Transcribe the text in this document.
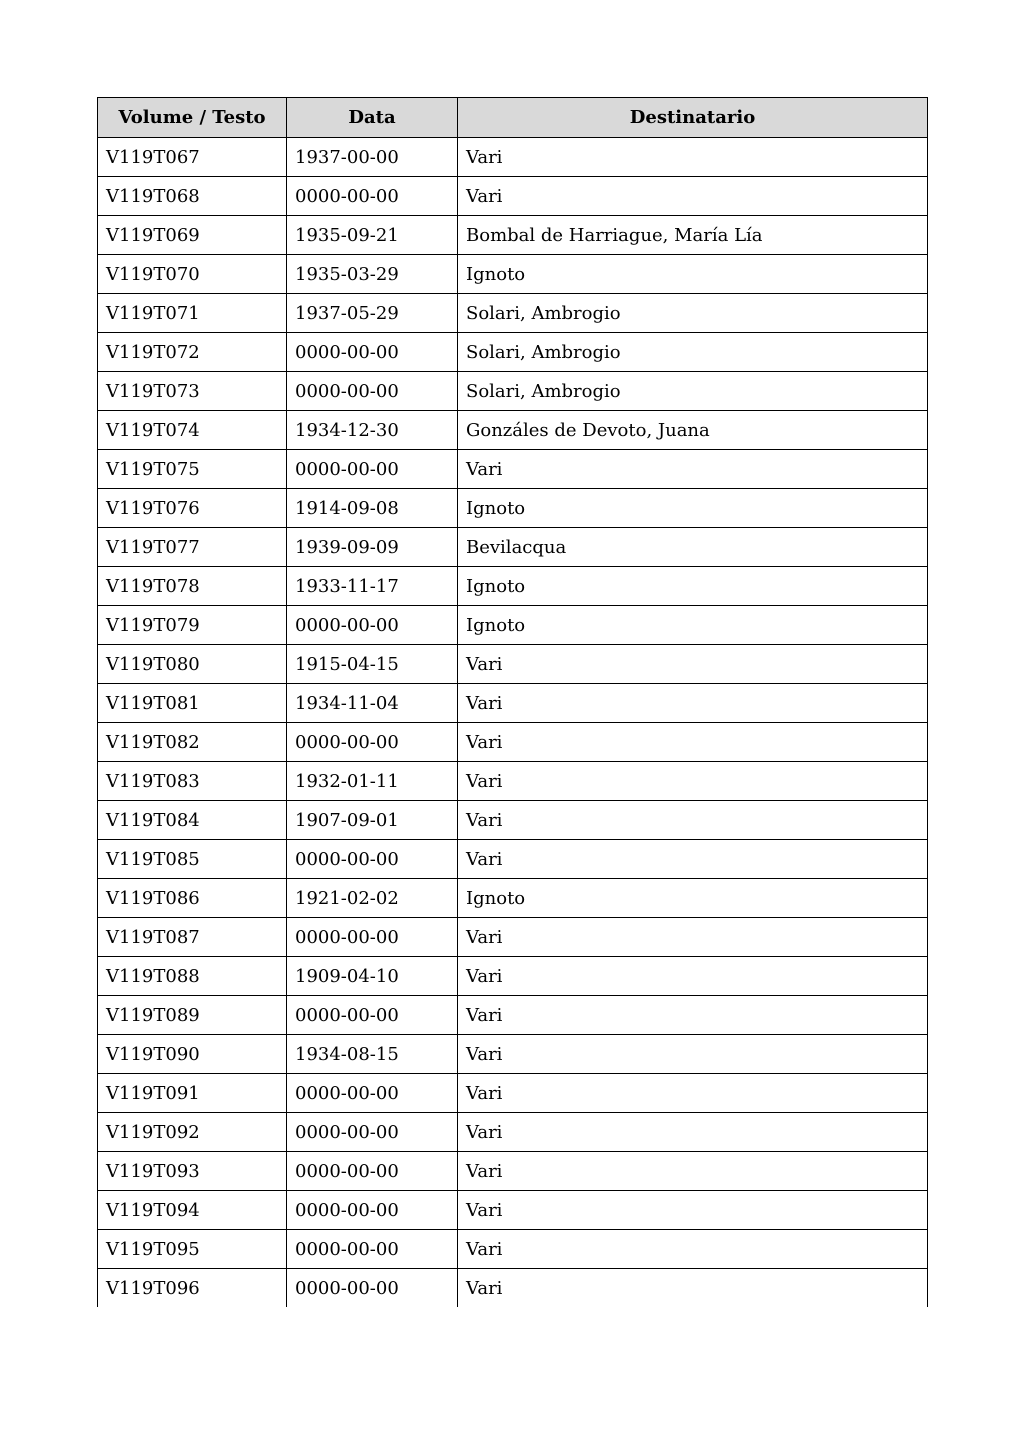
Volume / Testo	Data	Destinatario
V119T067	1937-00-00	Vari
V119T068	0000-00-00	Vari
V119T069	1935-09-21	Bombal de Harriague, María Lía
V119T070	1935-03-29	Ignoto
V119T071	1937-05-29	Solari, Ambrogio
V119T072	0000-00-00	Solari, Ambrogio
V119T073	0000-00-00	Solari, Ambrogio
V119T074	1934-12-30	Gonzáles de Devoto, Juana
V119T075	0000-00-00	Vari
V119T076	1914-09-08	Ignoto
V119T077	1939-09-09	Bevilacqua
V119T078	1933-11-17	Ignoto
V119T079	0000-00-00	Ignoto
V119T080	1915-04-15	Vari
V119T081	1934-11-04	Vari
V119T082	0000-00-00	Vari
V119T083	1932-01-11	Vari
V119T084	1907-09-01	Vari
V119T085	0000-00-00	Vari
V119T086	1921-02-02	Ignoto
V119T087	0000-00-00	Vari
V119T088	1909-04-10	Vari
V119T089	0000-00-00	Vari
V119T090	1934-08-15	Vari
V119T091	0000-00-00	Vari
V119T092	0000-00-00	Vari
V119T093	0000-00-00	Vari
V119T094	0000-00-00	Vari
V119T095	0000-00-00	Vari
V119T096	0000-00-00	Vari
